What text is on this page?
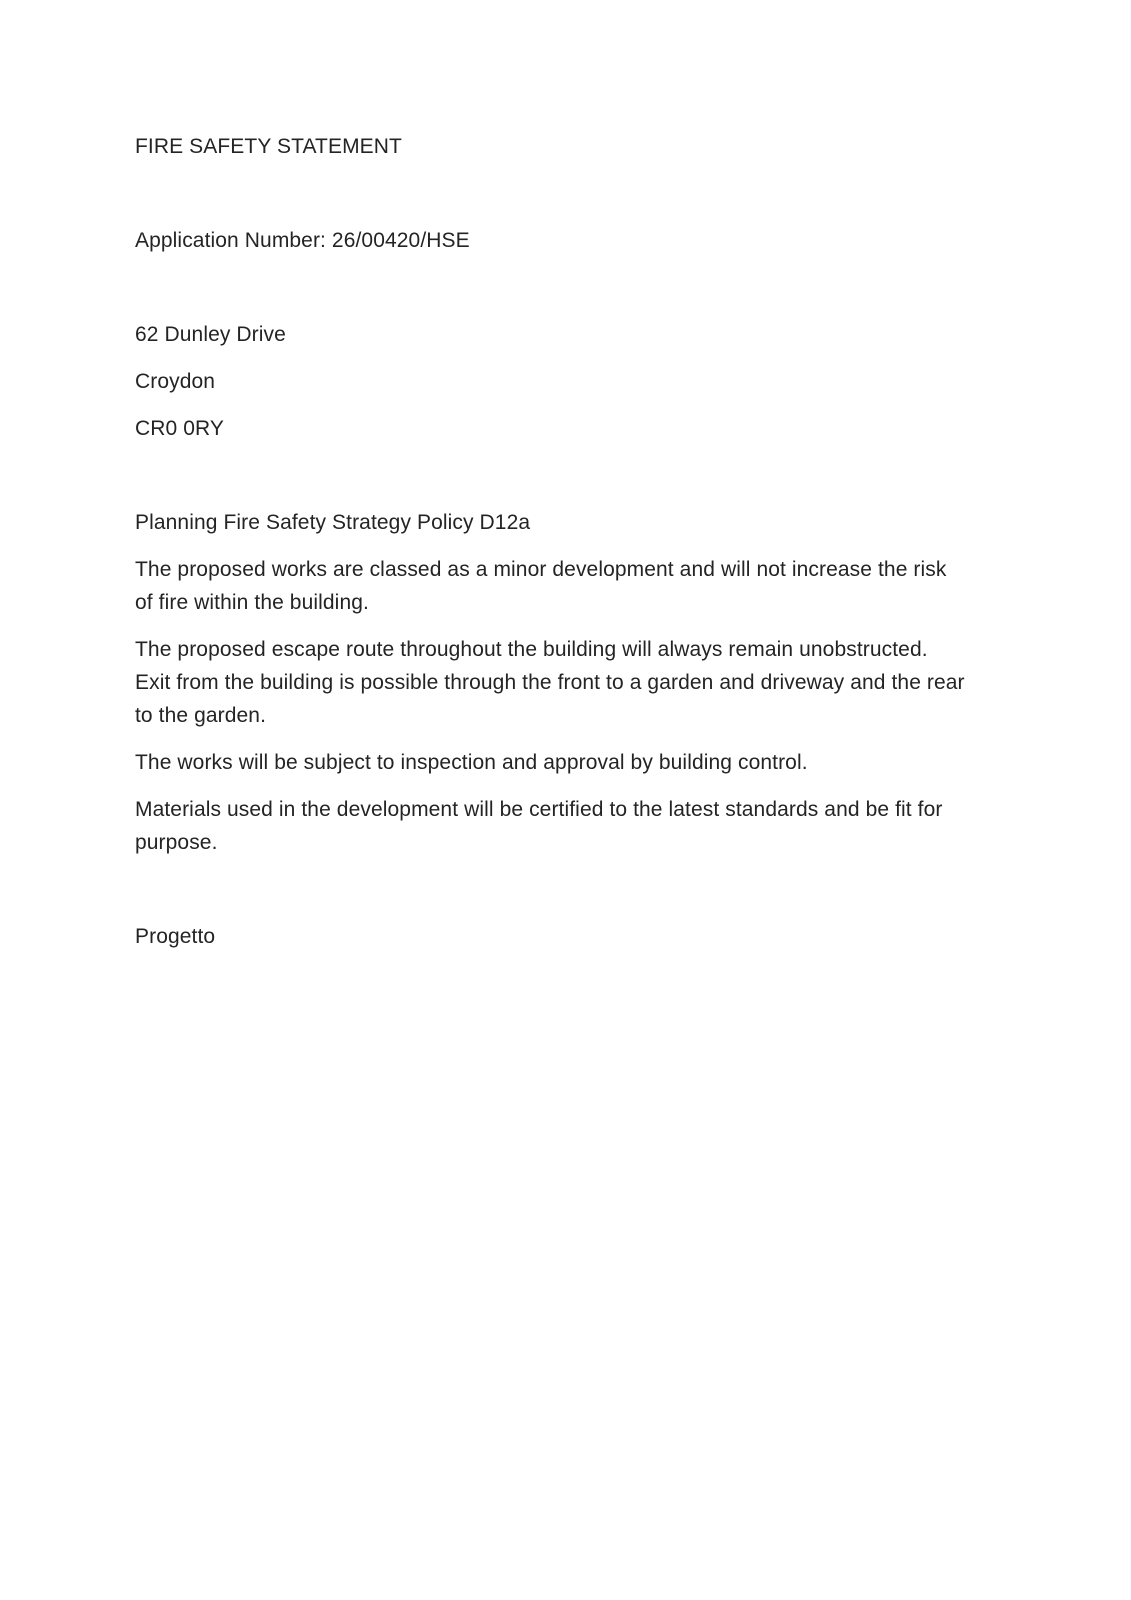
FIRE SAFETY STATEMENT

Application Number: 26/00420/HSE

62 Dunley Drive

Croydon

CR0 0RY

Planning Fire Safety Strategy Policy D12a

The proposed works are classed as a minor development and will not increase the risk

of fire within the building.

The proposed escape route throughout the building will always remain unobstructed.

Exit from the building is possible through the front to a garden and driveway and the rear

to the garden.

The works will be subject to inspection and approval by building control.

Materials used in the development will be certified to the latest standards and be fit for

purpose.

Progetto
